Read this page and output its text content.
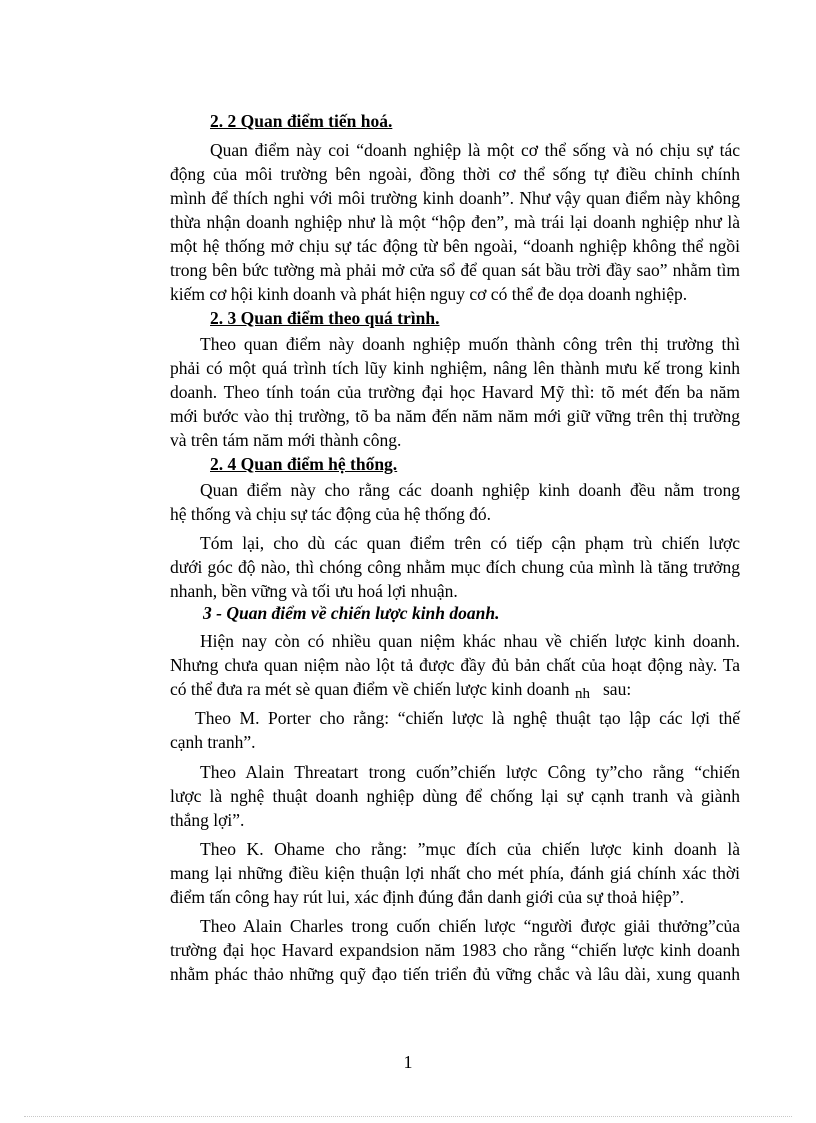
2. 2 Quan điểm tiến hoá.
Quan điểm này coi “doanh nghiệp là một cơ thể sống và nó chịu sự tác
động của môi trường bên ngoài, đồng thời cơ thể sống tự điều chỉnh chính
mình để thích nghi với môi trường kinh doanh”. Như vậy quan điểm này không
thừa nhận doanh nghiệp như là một “hộp đen”, mà trái lại doanh nghiệp như là
một hệ thống mở chịu sự tác động từ bên ngoài, “doanh nghiệp không thể ngồi
trong bên bức tường mà phải mở cửa sổ để quan sát bầu trời đầy sao” nhằm tìm
kiếm cơ hội kinh doanh và phát hiện nguy cơ có thể đe dọa doanh nghiệp.
2. 3 Quan điểm theo quá trình.
Theo quan điểm này doanh nghiệp muốn thành công trên thị trường thì
phải có một quá trình tích lũy kinh nghiệm, nâng lên thành mưu kế trong kinh
doanh. Theo tính toán của trường đại học Havard Mỹ thì: tõ mét đến ba năm
mới bước vào thị trường, tõ ba năm đến năm năm mới giữ vững trên thị trường
và trên tám năm mới thành công.
2. 4 Quan điểm hệ thống.
Quan điểm này cho rằng các doanh nghiệp kinh doanh đều nằm trong
hệ thống và chịu sự tác động của hệ thống đó.
Tóm lại, cho dù các quan điểm trên có tiếp cận phạm trù chiến lược
dưới góc độ nào, thì chóng công nhằm mục đích chung của mình là tăng trưởng
nhanh, bền vững và tối ưu hoá lợi nhuận.
3 - Quan điểm về chiến lược kinh doanh.
Hiện nay còn có nhiều quan niệm khác nhau về chiến lược kinh doanh.
Nhưng chưa quan niệm nào lột tả được đầy đủ bản chất của hoạt động này. Ta
có thể đưa ra mét sè quan điểm về chiến lược kinh doanh nh sau:
Theo M. Porter cho rằng: “chiến lược là nghệ thuật tạo lập các lợi thế
cạnh tranh”.
Theo Alain Threatart trong cuốn”chiến lược Công ty”cho rằng “chiến
lược là nghệ thuật doanh nghiệp dùng để chống lại sự cạnh tranh và giành
thắng lợi”.
Theo K. Ohame cho rằng: ”mục đích của chiến lược kinh doanh là
mang lại những điều kiện thuận lợi nhất cho mét phía, đánh giá chính xác thời
điểm tấn công hay rút lui, xác định đúng đắn danh giới của sự thoả hiệp”.
Theo Alain Charles trong cuốn chiến lược “người được giải thưởng”của
trường đại học Havard expandsion năm 1983 cho rằng “chiến lược kinh doanh
nhằm phác thảo những quỹ đạo tiến triển đủ vững chắc và lâu dài, xung quanh
1
